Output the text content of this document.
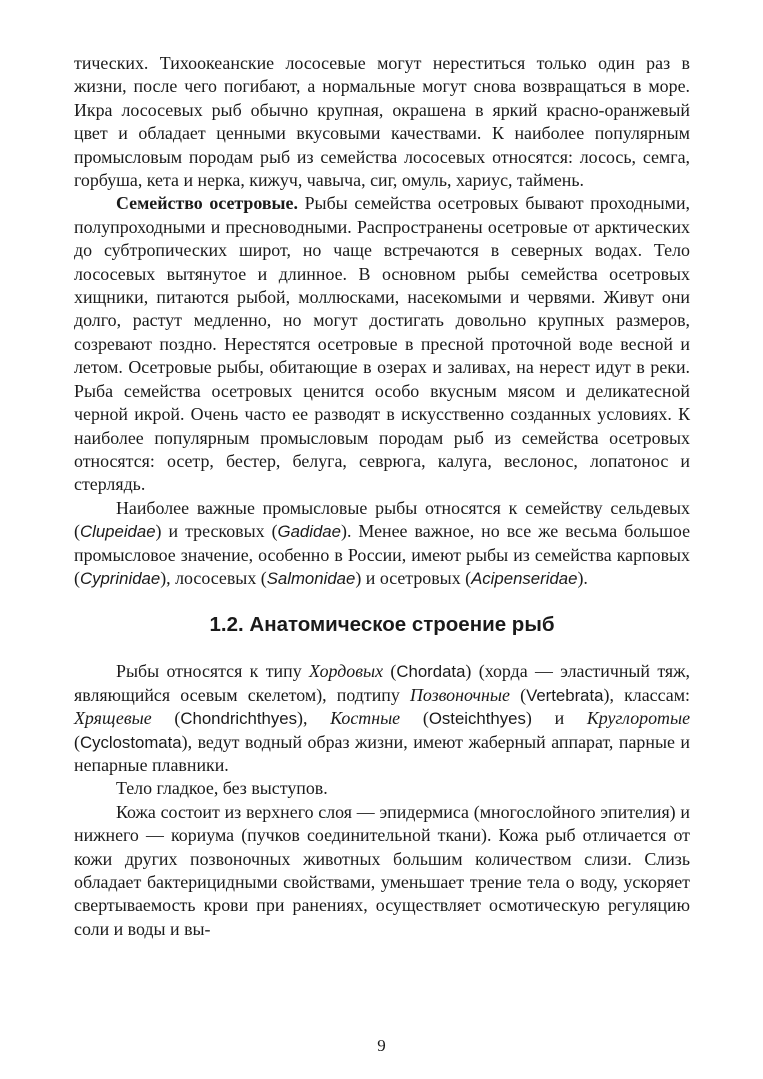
тических. Тихоокеанские лососевые могут нереститься только один раз в жизни, после чего погибают, а нормальные могут снова возвращаться в море. Икра лососевых рыб обычно крупная, окрашена в яркий красно-оранжевый цвет и обладает ценными вкусовыми качествами. К наиболее популярным промысловым породам рыб из семейства лососевых относятся: лосось, семга, горбуша, кета и нерка, кижуч, чавыча, сиг, омуль, хариус, таймень.

Семейство осетровые. Рыбы семейства осетровых бывают проходными, полупроходными и пресноводными. Распространены осетровые от арктических до субтропических широт, но чаще встречаются в северных водах. Тело лососевых вытянутое и длинное. В основном рыбы семейства осетровых хищники, питаются рыбой, моллюсками, насекомыми и червями. Живут они долго, растут медленно, но могут достигать довольно крупных размеров, созревают поздно. Нерестятся осетровые в пресной проточной воде весной и летом. Осетровые рыбы, обитающие в озерах и заливах, на нерест идут в реки. Рыба семейства осетровых ценится особо вкусным мясом и деликатесной черной икрой. Очень часто ее разводят в искусственно созданных условиях. К наиболее популярным промысловым породам рыб из семейства осетровых относятся: осетр, бестер, белуга, севрюга, калуга, веслонос, лопатонос и стерлядь.

Наиболее важные промысловые рыбы относятся к семейству сельдевых (Clupeidae) и тресковых (Gadidae). Менее важное, но все же весьма большое промысловое значение, особенно в России, имеют рыбы из семейства карповых (Cyprinidae), лососевых (Salmonidae) и осетровых (Acipenseridae).

1.2. Анатомическое строение рыб

Рыбы относятся к типу Хордовых (Chordata) (хорда — эластичный тяж, являющийся осевым скелетом), подтипу Позвоночные (Vertebrata), классам: Хрящевые (Chondrichthyes), Костные (Osteichthyes) и Круглоротые (Cyclostomata), ведут водный образ жизни, имеют жаберный аппарат, парные и непарные плавники.

Тело гладкое, без выступов.

Кожа состоит из верхнего слоя — эпидермиса (многослойного эпителия) и нижнего — кориума (пучков соединительной ткани). Кожа рыб отличается от кожи других позвоночных животных большим количеством слизи. Слизь обладает бактерицидными свойствами, уменьшает трение тела о воду, ускоряет свертываемость крови при ранениях, осуществляет осмотическую регуляцию соли и воды и вы-

9
